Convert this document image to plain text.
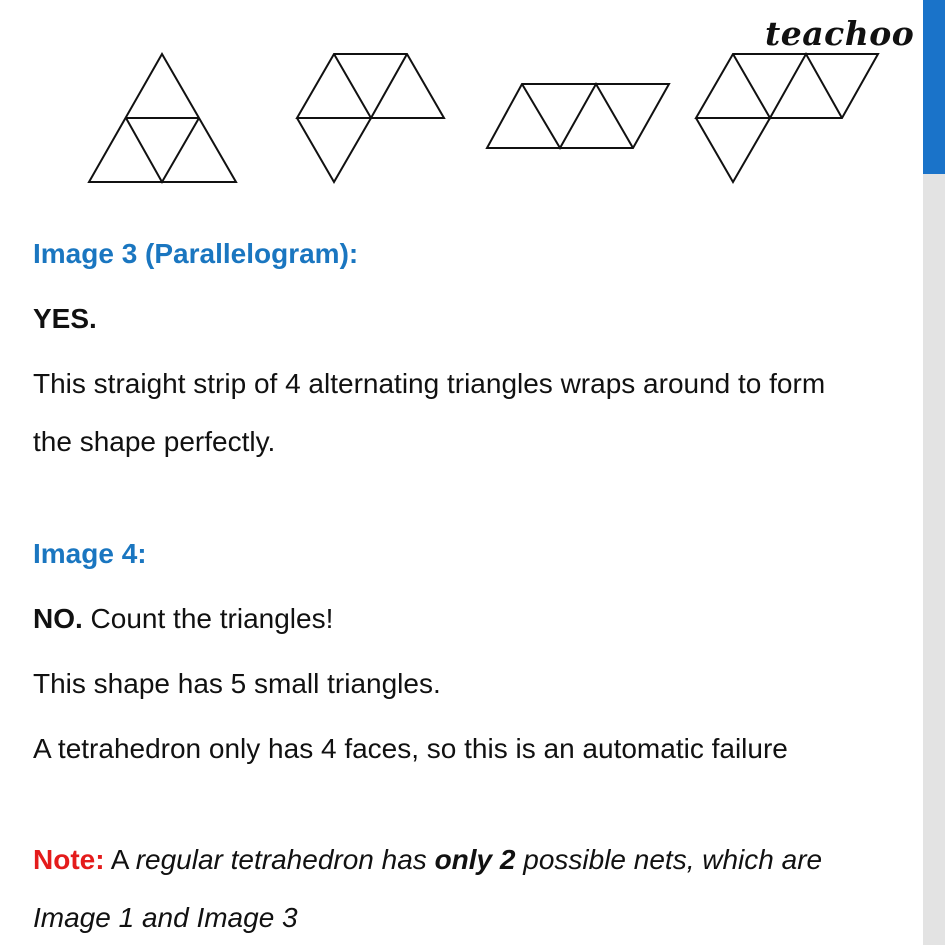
teachoo

Image 3 (Parallelogram):

YES.

This straight strip of 4 alternating triangles wraps around to form

the shape perfectly.

Image 4:

NO. Count the triangles!

This shape has 5 small triangles.

A tetrahedron only has 4 faces, so this is an automatic failure

Note: A regular tetrahedron has only 2 possible nets, which are

Image 1 and Image 3
